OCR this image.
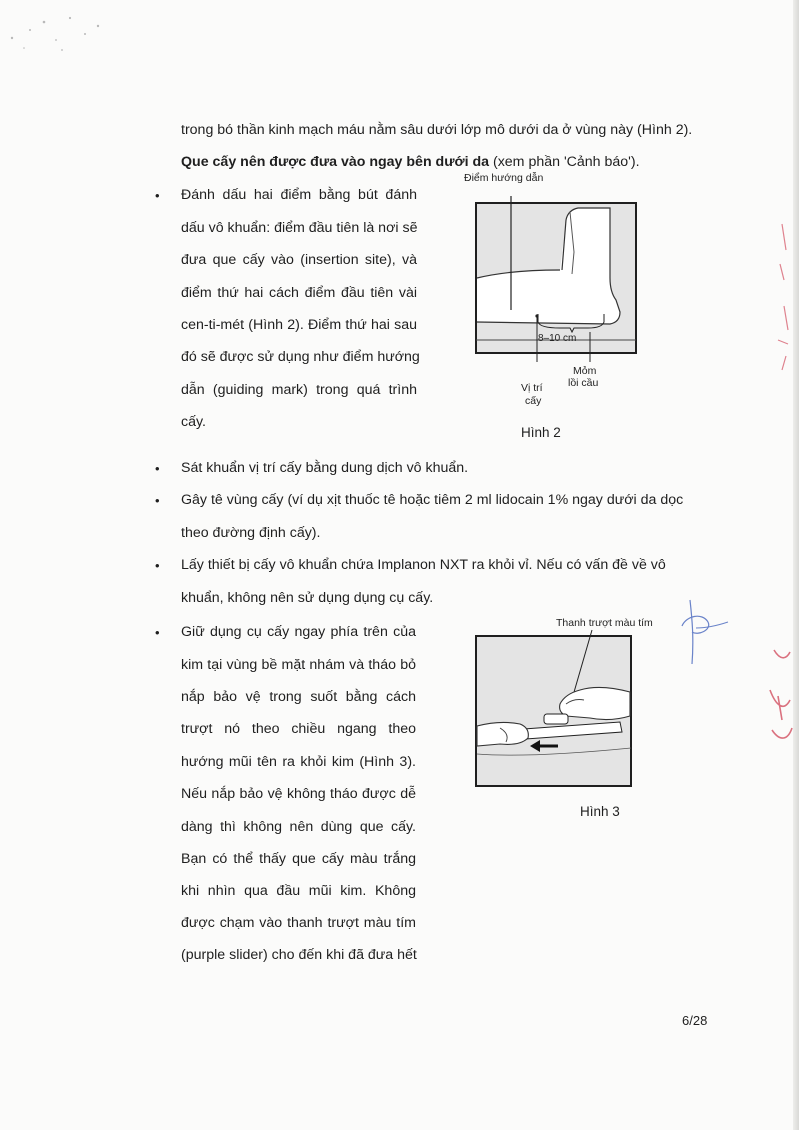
trong bó thần kinh mạch máu nằm sâu dưới lớp mô dưới da ở vùng này (Hình 2).
Que cấy nên được đưa vào ngay bên dưới da (xem phần 'Cảnh báo').
• Đánh dấu hai điểm bằng bút đánh
dấu vô khuẩn: điểm đầu tiên là nơi sẽ
đưa que cấy vào (insertion site), và
điểm thứ hai cách điểm đầu tiên vài
cen-ti-mét (Hình 2). Điểm thứ hai sau
đó sẽ được sử dụng như điểm hướng
dẫn (guiding mark) trong quá trình
cấy.
Điểm hướng dẫn
8–10 cm
Vị trí
cấy
Mỏm
lồi cầu
Hình 2
• Sát khuẩn vị trí cấy bằng dung dịch vô khuẩn.
• Gây tê vùng cấy (ví dụ xịt thuốc tê hoặc tiêm 2 ml lidocain 1% ngay dưới da dọc
theo đường định cấy).
• Lấy thiết bị cấy vô khuẩn chứa Implanon NXT ra khỏi vỉ. Nếu có vấn đề về vô
khuẩn, không nên sử dụng dụng cụ cấy.
• Giữ dụng cụ cấy ngay phía trên của
kim tại vùng bề mặt nhám và tháo bỏ
nắp bảo vệ trong suốt bằng cách
trượt nó theo chiều ngang theo
hướng mũi tên ra khỏi kim (Hình 3).
Nếu nắp bảo vệ không tháo được dễ
dàng thì không nên dùng que cấy.
Bạn có thể thấy que cấy màu trắng
khi nhìn qua đầu mũi kim. Không
được chạm vào thanh trượt màu tím
(purple slider) cho đến khi đã đưa hết
Thanh trượt màu tím
Hình 3
6/28
